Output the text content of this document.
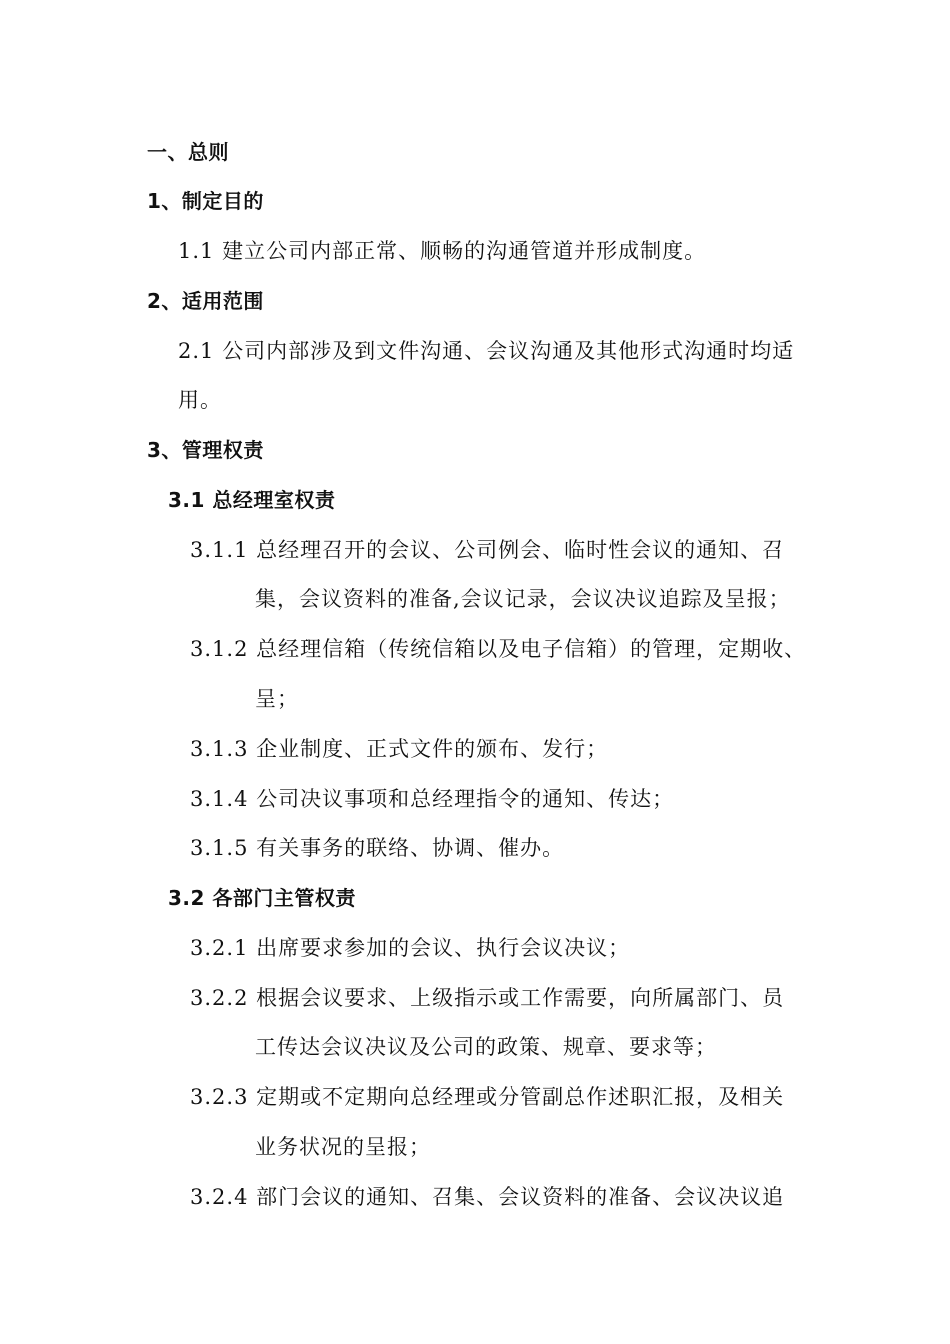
一、总则
1、制定目的
1.1 建立公司内部正常、顺畅的沟通管道并形成制度。
2、适用范围
2.1 公司内部涉及到文件沟通、会议沟通及其他形式沟通时均适
用。
3、管理权责
3.1 总经理室权责
3.1.1 总经理召开的会议、公司例会、临时性会议的通知、召
集，会议资料的准备,会议记录，会议决议追踪及呈报；
3.1.2 总经理信箱（传统信箱以及电子信箱）的管理，定期收、
呈；
3.1.3 企业制度、正式文件的颁布、发行；
3.1.4 公司决议事项和总经理指令的通知、传达；
3.1.5 有关事务的联络、协调、催办。
3.2 各部门主管权责
3.2.1 出席要求参加的会议、执行会议决议；
3.2.2 根据会议要求、上级指示或工作需要，向所属部门、员
工传达会议决议及公司的政策、规章、要求等；
3.2.3 定期或不定期向总经理或分管副总作述职汇报，及相关
业务状况的呈报；
3.2.4 部门会议的通知、召集、会议资料的准备、会议决议追
